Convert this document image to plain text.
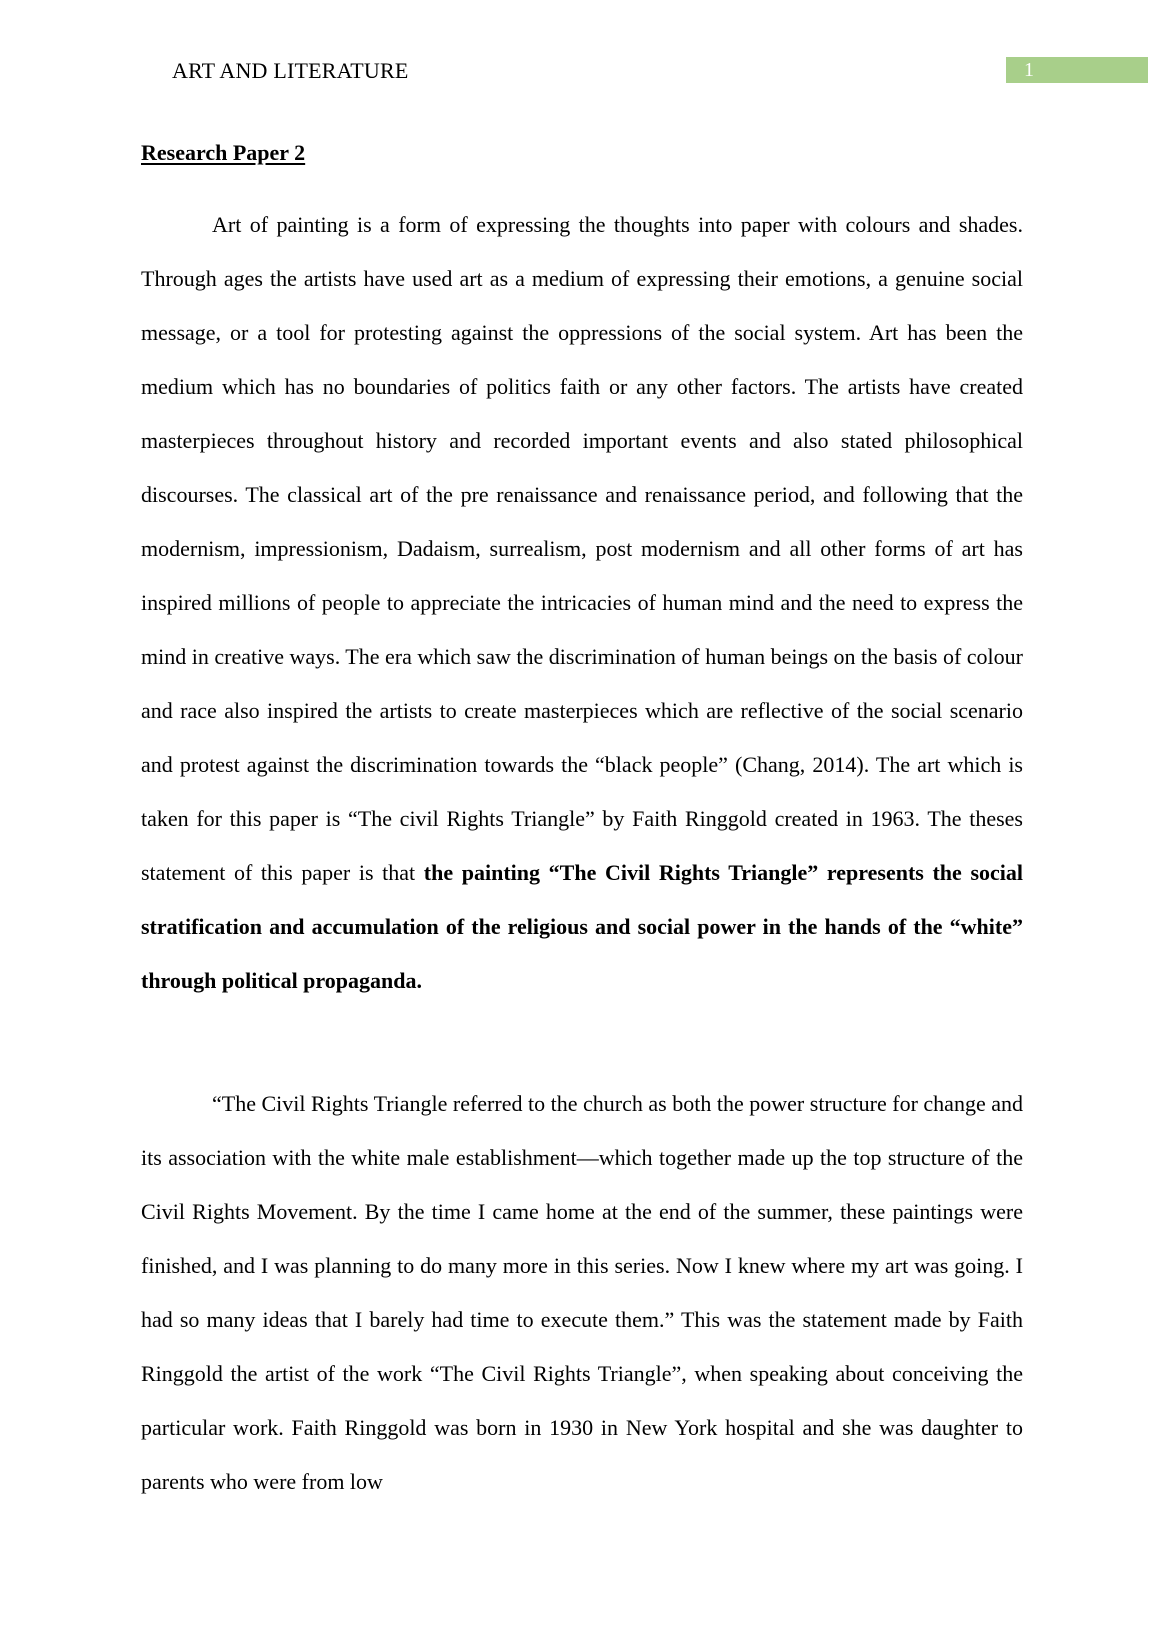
ART AND LITERATURE	1
Research Paper 2

Art of painting is a form of expressing the thoughts into paper with colours and shades. Through ages the artists have used art as a medium of expressing their emotions, a genuine social message, or a tool for protesting against the oppressions of the social system. Art has been the medium which has no boundaries of politics faith or any other factors. The artists have created masterpieces throughout history and recorded important events and also stated philosophical discourses. The classical art of the pre renaissance and renaissance period, and following that the modernism, impressionism, Dadaism, surrealism, post modernism and all other forms of art has inspired millions of people to appreciate the intricacies of human mind and the need to express the mind in creative ways. The era which saw the discrimination of human beings on the basis of colour and race also inspired the artists to create masterpieces which are reflective of the social scenario and protest against the discrimination towards the “black people” (Chang, 2014). The art which is taken for this paper is “The civil Rights Triangle” by Faith Ringgold created in 1963. The theses statement of this paper is that the painting “The Civil Rights Triangle” represents the social stratification and accumulation of the religious and social power in the hands of the “white” through political propaganda.

“The Civil Rights Triangle referred to the church as both the power structure for change and its association with the white male establishment—which together made up the top structure of the Civil Rights Movement. By the time I came home at the end of the summer, these paintings were finished, and I was planning to do many more in this series. Now I knew where my art was going. I had so many ideas that I barely had time to execute them.” This was the statement made by Faith Ringgold the artist of the work “The Civil Rights Triangle”, when speaking about conceiving the particular work. Faith Ringgold was born in 1930 in New York hospital and she was daughter to parents who were from low
